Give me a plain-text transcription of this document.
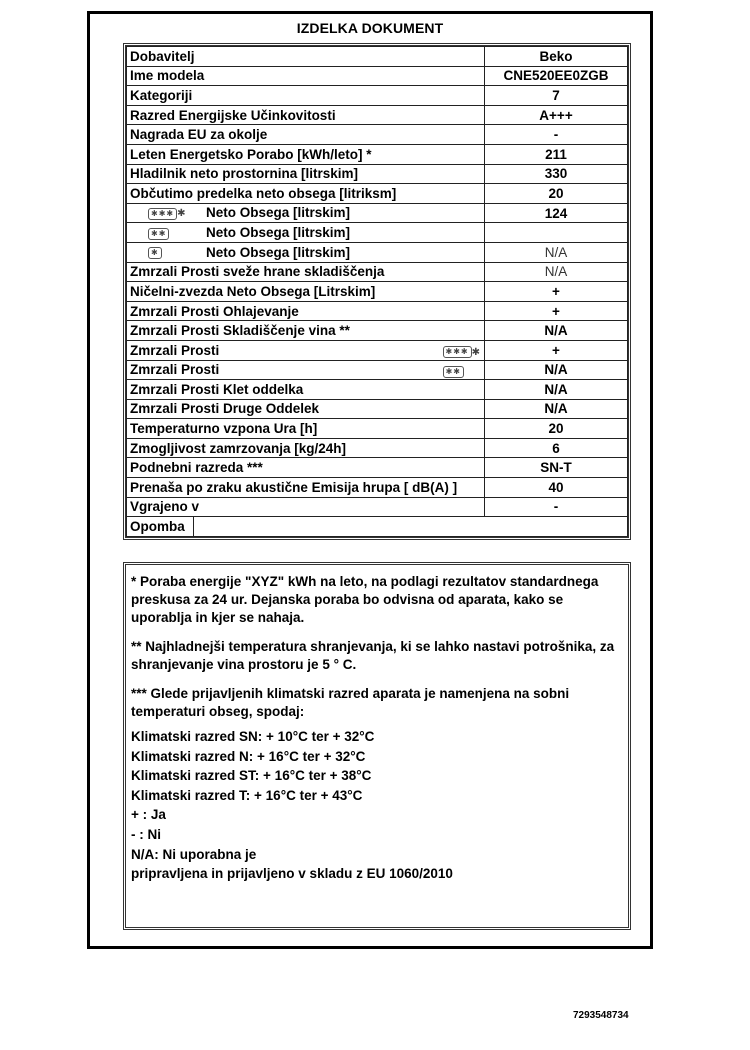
IZDELKA DOKUMENT
Dobavitelj	Beko
Ime modela	CNE520EE0ZGB
Kategoriji	7
Razred Energijske Učinkovitosti	A+++
Nagrada EU za okolje	-
Leten Energetsko Porabo [kWh/leto] *	211
Hladilnik neto prostornina [litrskim]	330
Občutimo predelka neto obsega [litriksm]	20
✱✱✱ ✱ Neto Obsega [litrskim]	124
✱✱ Neto Obsega [litrskim]	
✱ Neto Obsega [litrskim]	N/A
Zmrzali Prosti sveže hrane skladiščenja	N/A
Ničelni-zvezda Neto Obsega [Litrskim]	+
Zmrzali Prosti Ohlajevanje	+
Zmrzali Prosti Skladiščenje vina **	N/A
Zmrzali Prosti ✱✱✱ ✱	+
Zmrzali Prosti ✱✱	N/A
Zmrzali Prosti Klet oddelka	N/A
Zmrzali Prosti Druge Oddelek	N/A
Temperaturno vzpona Ura [h]	20
Zmogljivost zamrzovanja [kg/24h]	6
Podnebni razreda ***	SN-T
Prenaša po zraku akustične Emisija hrupa [ dB(A) ]	40
Vgrajeno v	-
Opomba	

* Poraba energije "XYZ" kWh na leto, na podlagi rezultatov standardnega preskusa za 24 ur. Dejanska poraba bo odvisna od aparata, kako se uporablja in kjer se nahaja.

** Najhladnejši temperatura shranjevanja, ki se lahko nastavi potrošnika, za shranjevanje vina prostoru je 5 ° C.

*** Glede prijavljenih klimatski razred aparata je namenjena na sobni temperaturi obseg, spodaj:

Klimatski razred SN: + 10°C ter + 32°C

Klimatski razred N: + 16°C ter + 32°C

Klimatski razred ST: + 16°C ter + 38°C

Klimatski razred T: + 16°C ter + 43°C

+ : Ja

- : Ni

N/A: Ni uporabna je

pripravljena in prijavljeno v skladu z EU 1060/2010

7293548734
